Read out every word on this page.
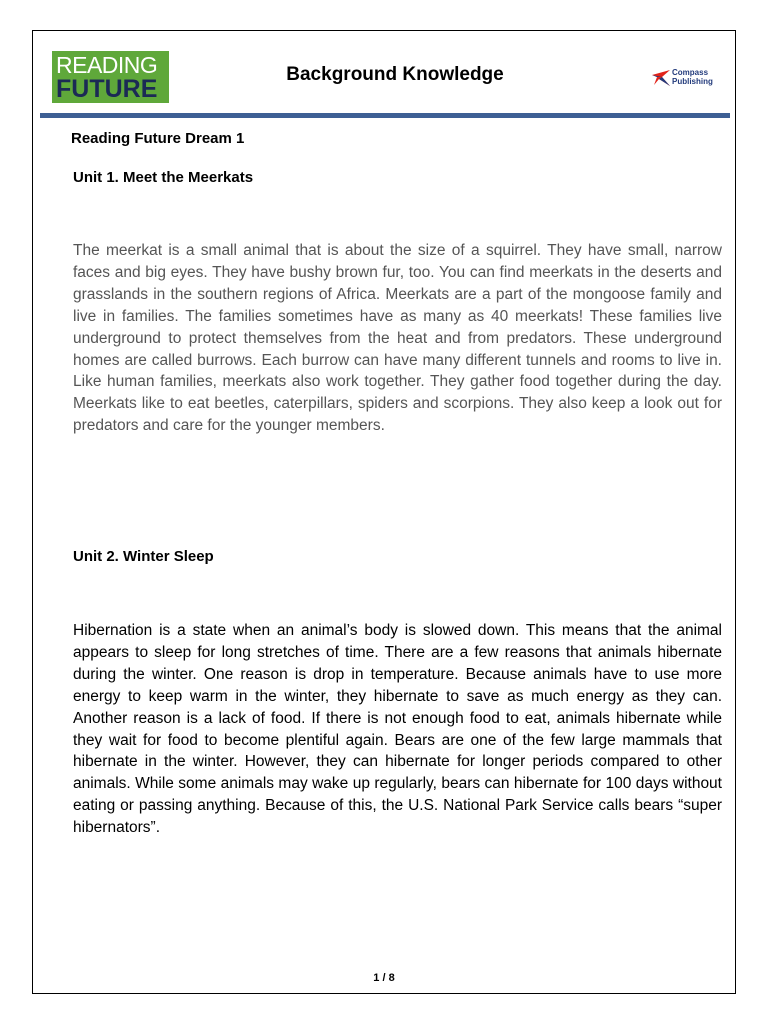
READING
FUTURE
Background Knowledge	Compass
Publishing
Reading Future Dream 1
Unit 1. Meet the Meerkats

The meerkat is a small animal that is about the size of a squirrel. They have small, narrow faces and big eyes. They have bushy brown fur, too. You can find meerkats in the deserts and grasslands in the southern regions of Africa. Meerkats are a part of the mongoose family and live in families. The families sometimes have as many as 40 meerkats! These families live underground to protect themselves from the heat and from predators. These underground homes are called burrows. Each burrow can have many different tunnels and rooms to live in. Like human families, meerkats also work together. They gather food together during the day. Meerkats like to eat beetles, caterpillars, spiders and scorpions. They also keep a look out for predators and care for the younger members.

Unit 2. Winter Sleep

Hibernation is a state when an animal’s body is slowed down. This means that the animal appears to sleep for long stretches of time. There are a few reasons that animals hibernate during the winter. One reason is drop in temperature. Because animals have to use more energy to keep warm in the winter, they hibernate to save as much energy as they can. Another reason is a lack of food. If there is not enough food to eat, animals hibernate while they wait for food to become plentiful again. Bears are one of the few large mammals that hibernate in the winter. However, they can hibernate for longer periods compared to other animals. While some animals may wake up regularly, bears can hibernate for 100 days without eating or passing anything. Because of this, the U.S. National Park Service calls bears “super hibernators”.

1 / 8
